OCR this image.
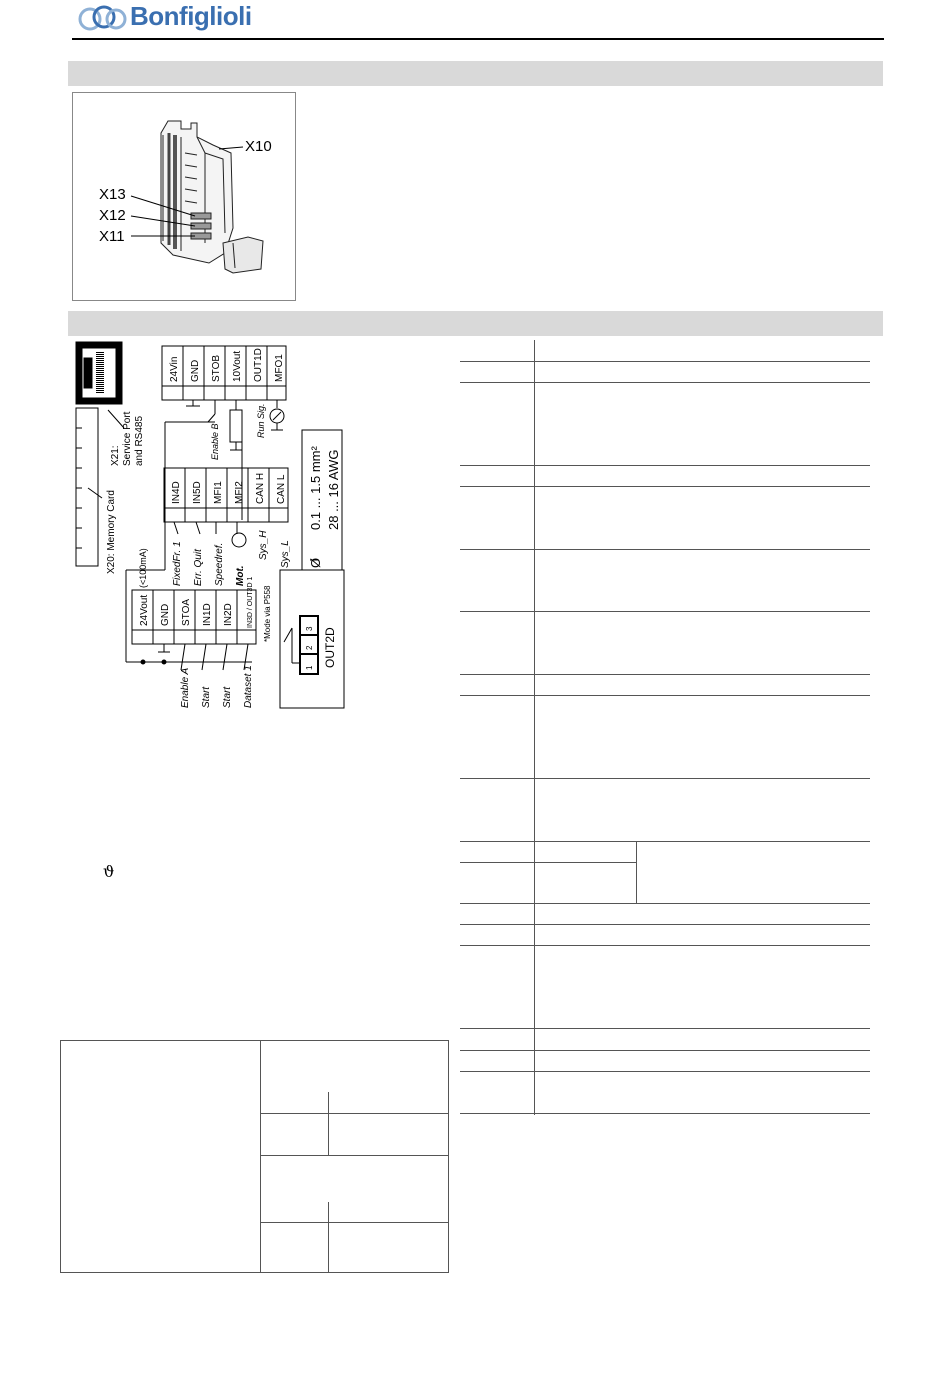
Bonfiglioli
X10
X13
X12
X11
X21: Service Port and RS485
X20: Memory Card
24Vin GND STOB 10Vout OUT1D MFO1
Enable B
Run Sig.
IN4D IN5D MFI1 MFI2 CAN H CAN L
FixedFr. 1 Err. Quit Speedref. Mot.
Sys_H Sys_L
(<100mA)
*Mode via P558
24Vout GND STOA IN1D IN2D IN3D / OUT3D 1
Enable A Start Start Dataset 1
0.1 ... 1.5 mm² 28 ... 16 AWG
Ø
OUT2D
1
2
3
ϑ
